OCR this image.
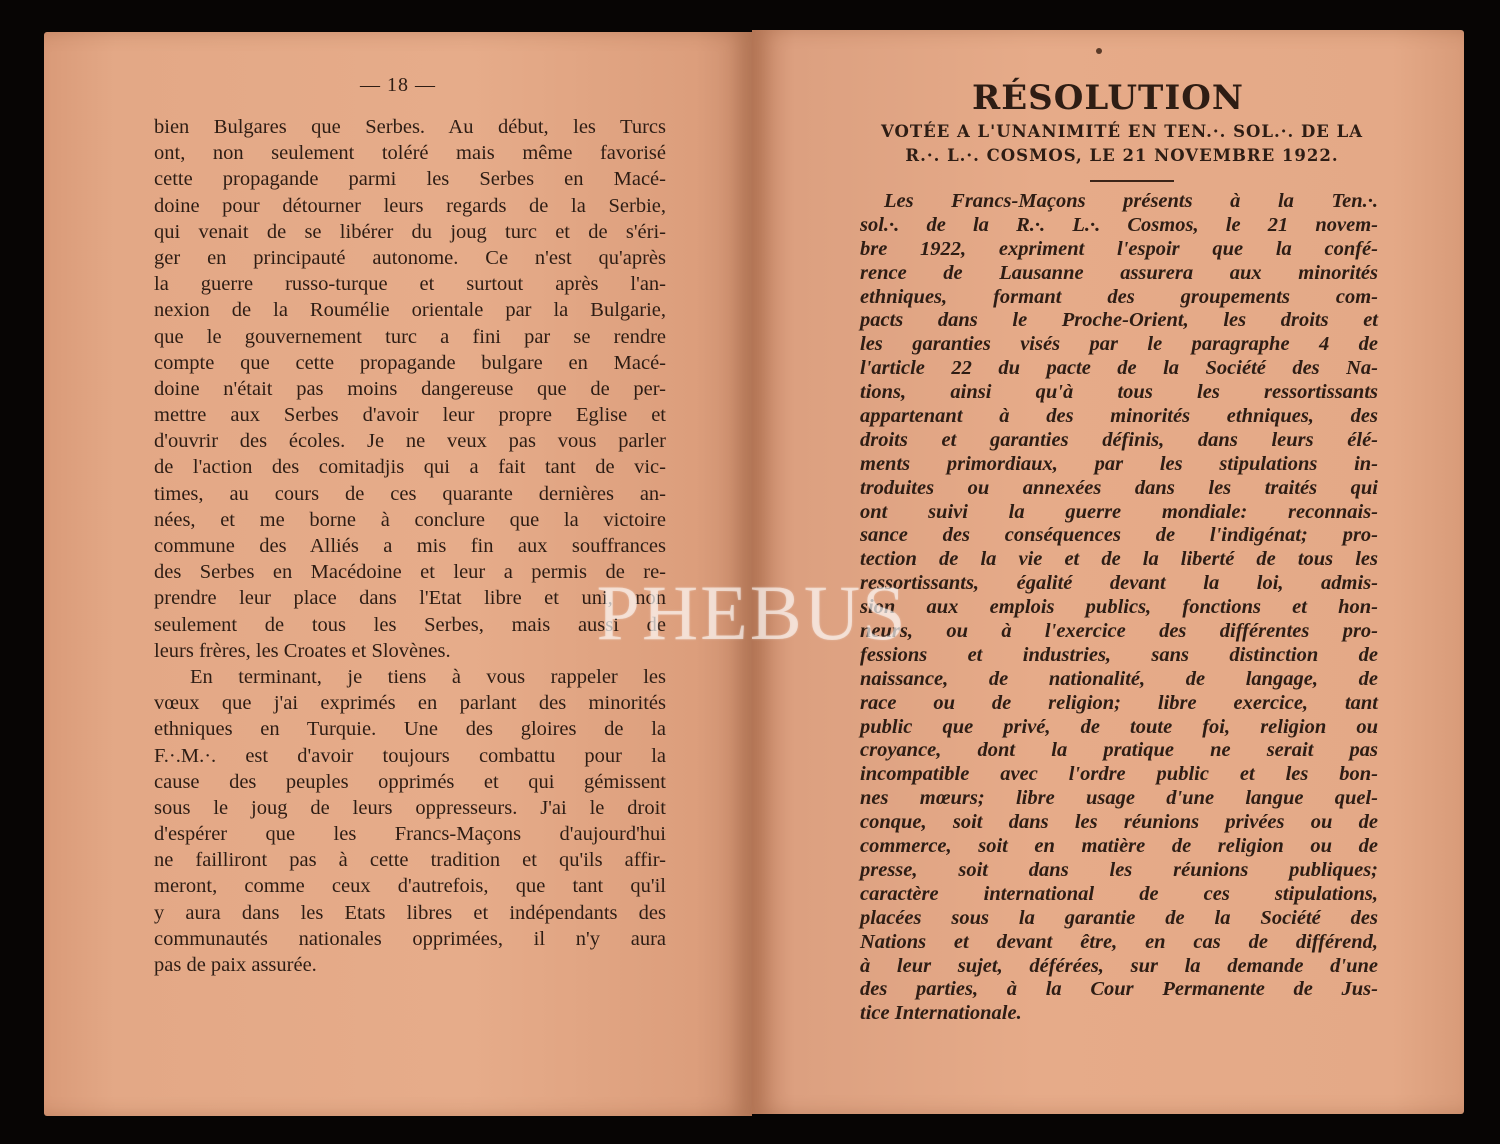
— 18 —
bien Bulgares que Serbes. Au début, les Turcs
ont, non seulement toléré mais même favorisé
cette propagande parmi les Serbes en Macé-
doine pour détourner leurs regards de la Serbie,
qui venait de se libérer du joug turc et de s'éri-
ger en principauté autonome. Ce n'est qu'après
la guerre russo-turque et surtout après l'an-
nexion de la Roumélie orientale par la Bulgarie,
que le gouvernement turc a fini par se rendre
compte que cette propagande bulgare en Macé-
doine n'était pas moins dangereuse que de per-
mettre aux Serbes d'avoir leur propre Eglise et
d'ouvrir des écoles. Je ne veux pas vous parler
de l'action des comitadjis qui a fait tant de vic-
times, au cours de ces quarante dernières an-
nées, et me borne à conclure que la victoire
commune des Alliés a mis fin aux souffrances
des Serbes en Macédoine et leur a permis de re-
prendre leur place dans l'Etat libre et uni, non
seulement de tous les Serbes, mais aussi de
leurs frères, les Croates et Slovènes.
En terminant, je tiens à vous rappeler les
vœux que j'ai exprimés en parlant des minorités
ethniques en Turquie. Une des gloires de la
F.·.M.·. est d'avoir toujours combattu pour la
cause des peuples opprimés et qui gémissent
sous le joug de leurs oppresseurs. J'ai le droit
d'espérer que les Francs-Maçons d'aujourd'hui
ne failliront pas à cette tradition et qu'ils affir-
meront, comme ceux d'autrefois, que tant qu'il
y aura dans les Etats libres et indépendants des
communautés nationales opprimées, il n'y aura
pas de paix assurée.
RÉSOLUTION
VOTÉE A L'UNANIMITÉ EN TEN.·. SOL.·. DE LA
R.·. L.·. COSMOS, LE 21 NOVEMBRE 1922.
Les Francs-Maçons présents à la Ten.·.
sol.·. de la R.·. L.·. Cosmos, le 21 novem-
bre 1922, expriment l'espoir que la confé-
rence de Lausanne assurera aux minorités
ethniques, formant des groupements com-
pacts dans le Proche-Orient, les droits et
les garanties visés par le paragraphe 4 de
l'article 22 du pacte de la Société des Na-
tions, ainsi qu'à tous les ressortissants
appartenant à des minorités ethniques, des
droits et garanties définis, dans leurs élé-
ments primordiaux, par les stipulations in-
troduites ou annexées dans les traités qui
ont suivi la guerre mondiale: reconnais-
sance des conséquences de l'indigénat; pro-
tection de la vie et de la liberté de tous les
ressortissants, égalité devant la loi, admis-
sion aux emplois publics, fonctions et hon-
neurs, ou à l'exercice des différentes pro-
fessions et industries, sans distinction de
naissance, de nationalité, de langage, de
race ou de religion; libre exercice, tant
public que privé, de toute foi, religion ou
croyance, dont la pratique ne serait pas
incompatible avec l'ordre public et les bon-
nes mœurs; libre usage d'une langue quel-
conque, soit dans les réunions privées ou de
commerce, soit en matière de religion ou de
presse, soit dans les réunions publiques;
caractère international de ces stipulations,
placées sous la garantie de la Société des
Nations et devant être, en cas de différend,
à leur sujet, déférées, sur la demande d'une
des parties, à la Cour Permanente de Jus-
tice Internationale.
PHEBUS
